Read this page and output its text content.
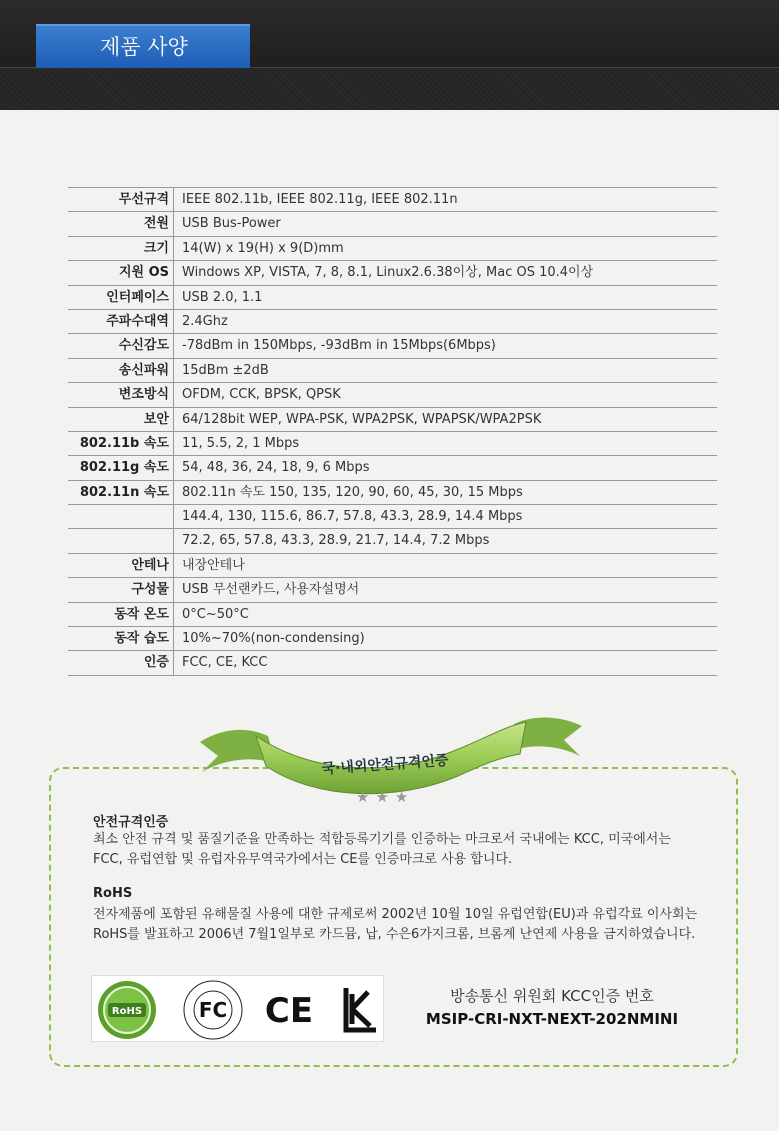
제품 사양
무선규격	IEEE 802.11b, IEEE 802.11g, IEEE 802.11n
전원	USB Bus-Power
크기	14(W) x 19(H) x 9(D)mm
지원 OS	Windows XP, VISTA, 7, 8, 8.1, Linux2.6.38이상, Mac OS 10.4이상
인터페이스	USB 2.0, 1.1
주파수대역	2.4Ghz
수신감도	-78dBm in 150Mbps, -93dBm in 15Mbps(6Mbps)
송신파워	15dBm ±2dB
변조방식	OFDM, CCK, BPSK, QPSK
보안	64/128bit WEP, WPA-PSK, WPA2PSK, WPAPSK/WPA2PSK
802.11b 속도	11, 5.5, 2, 1 Mbps
802.11g 속도	54, 48, 36, 24, 18, 9, 6 Mbps
802.11n 속도	802.11n 속도 150, 135, 120, 90, 60, 45, 30, 15 Mbps
144.4, 130, 115.6, 86.7, 57.8, 43.3, 28.9, 14.4 Mbps
72.2, 65, 57.8, 43.3, 28.9, 21.7, 14.4, 7.2 Mbps
안테나	내장안테나
구성물	USB 무선랜카드, 사용자설명서
동작 온도	0°C~50°C
동작 습도	10%~70%(non-condensing)
인증	FCC, CE, KCC
국·내외안전규격인증
★★★
안전규격인증
최소 안전 규격 및 품질기준을 만족하는 적합등록기기를 인증하는 마크로서 국내에는 KCC, 미국에서는
FCC, 유럽연합 및 유럽자유무역국가에서는 CE를 인증마크로 사용 합니다.
RoHS
전자제품에 포함된 유해물질 사용에 대한 규제로써 2002년 10월 10일 유럽연합(EU)과 유럽각료 이사회는
RoHS를 발표하고 2006년 7월1일부로 카드뮴, 납, 수은6가지크롬, 브롬계 난연제 사용을 금지하였습니다.
RoHS	FC CE	방송통신 위원회 KCC인증 번호
MSIP-CRI-NXT-NEXT-202NMINI
